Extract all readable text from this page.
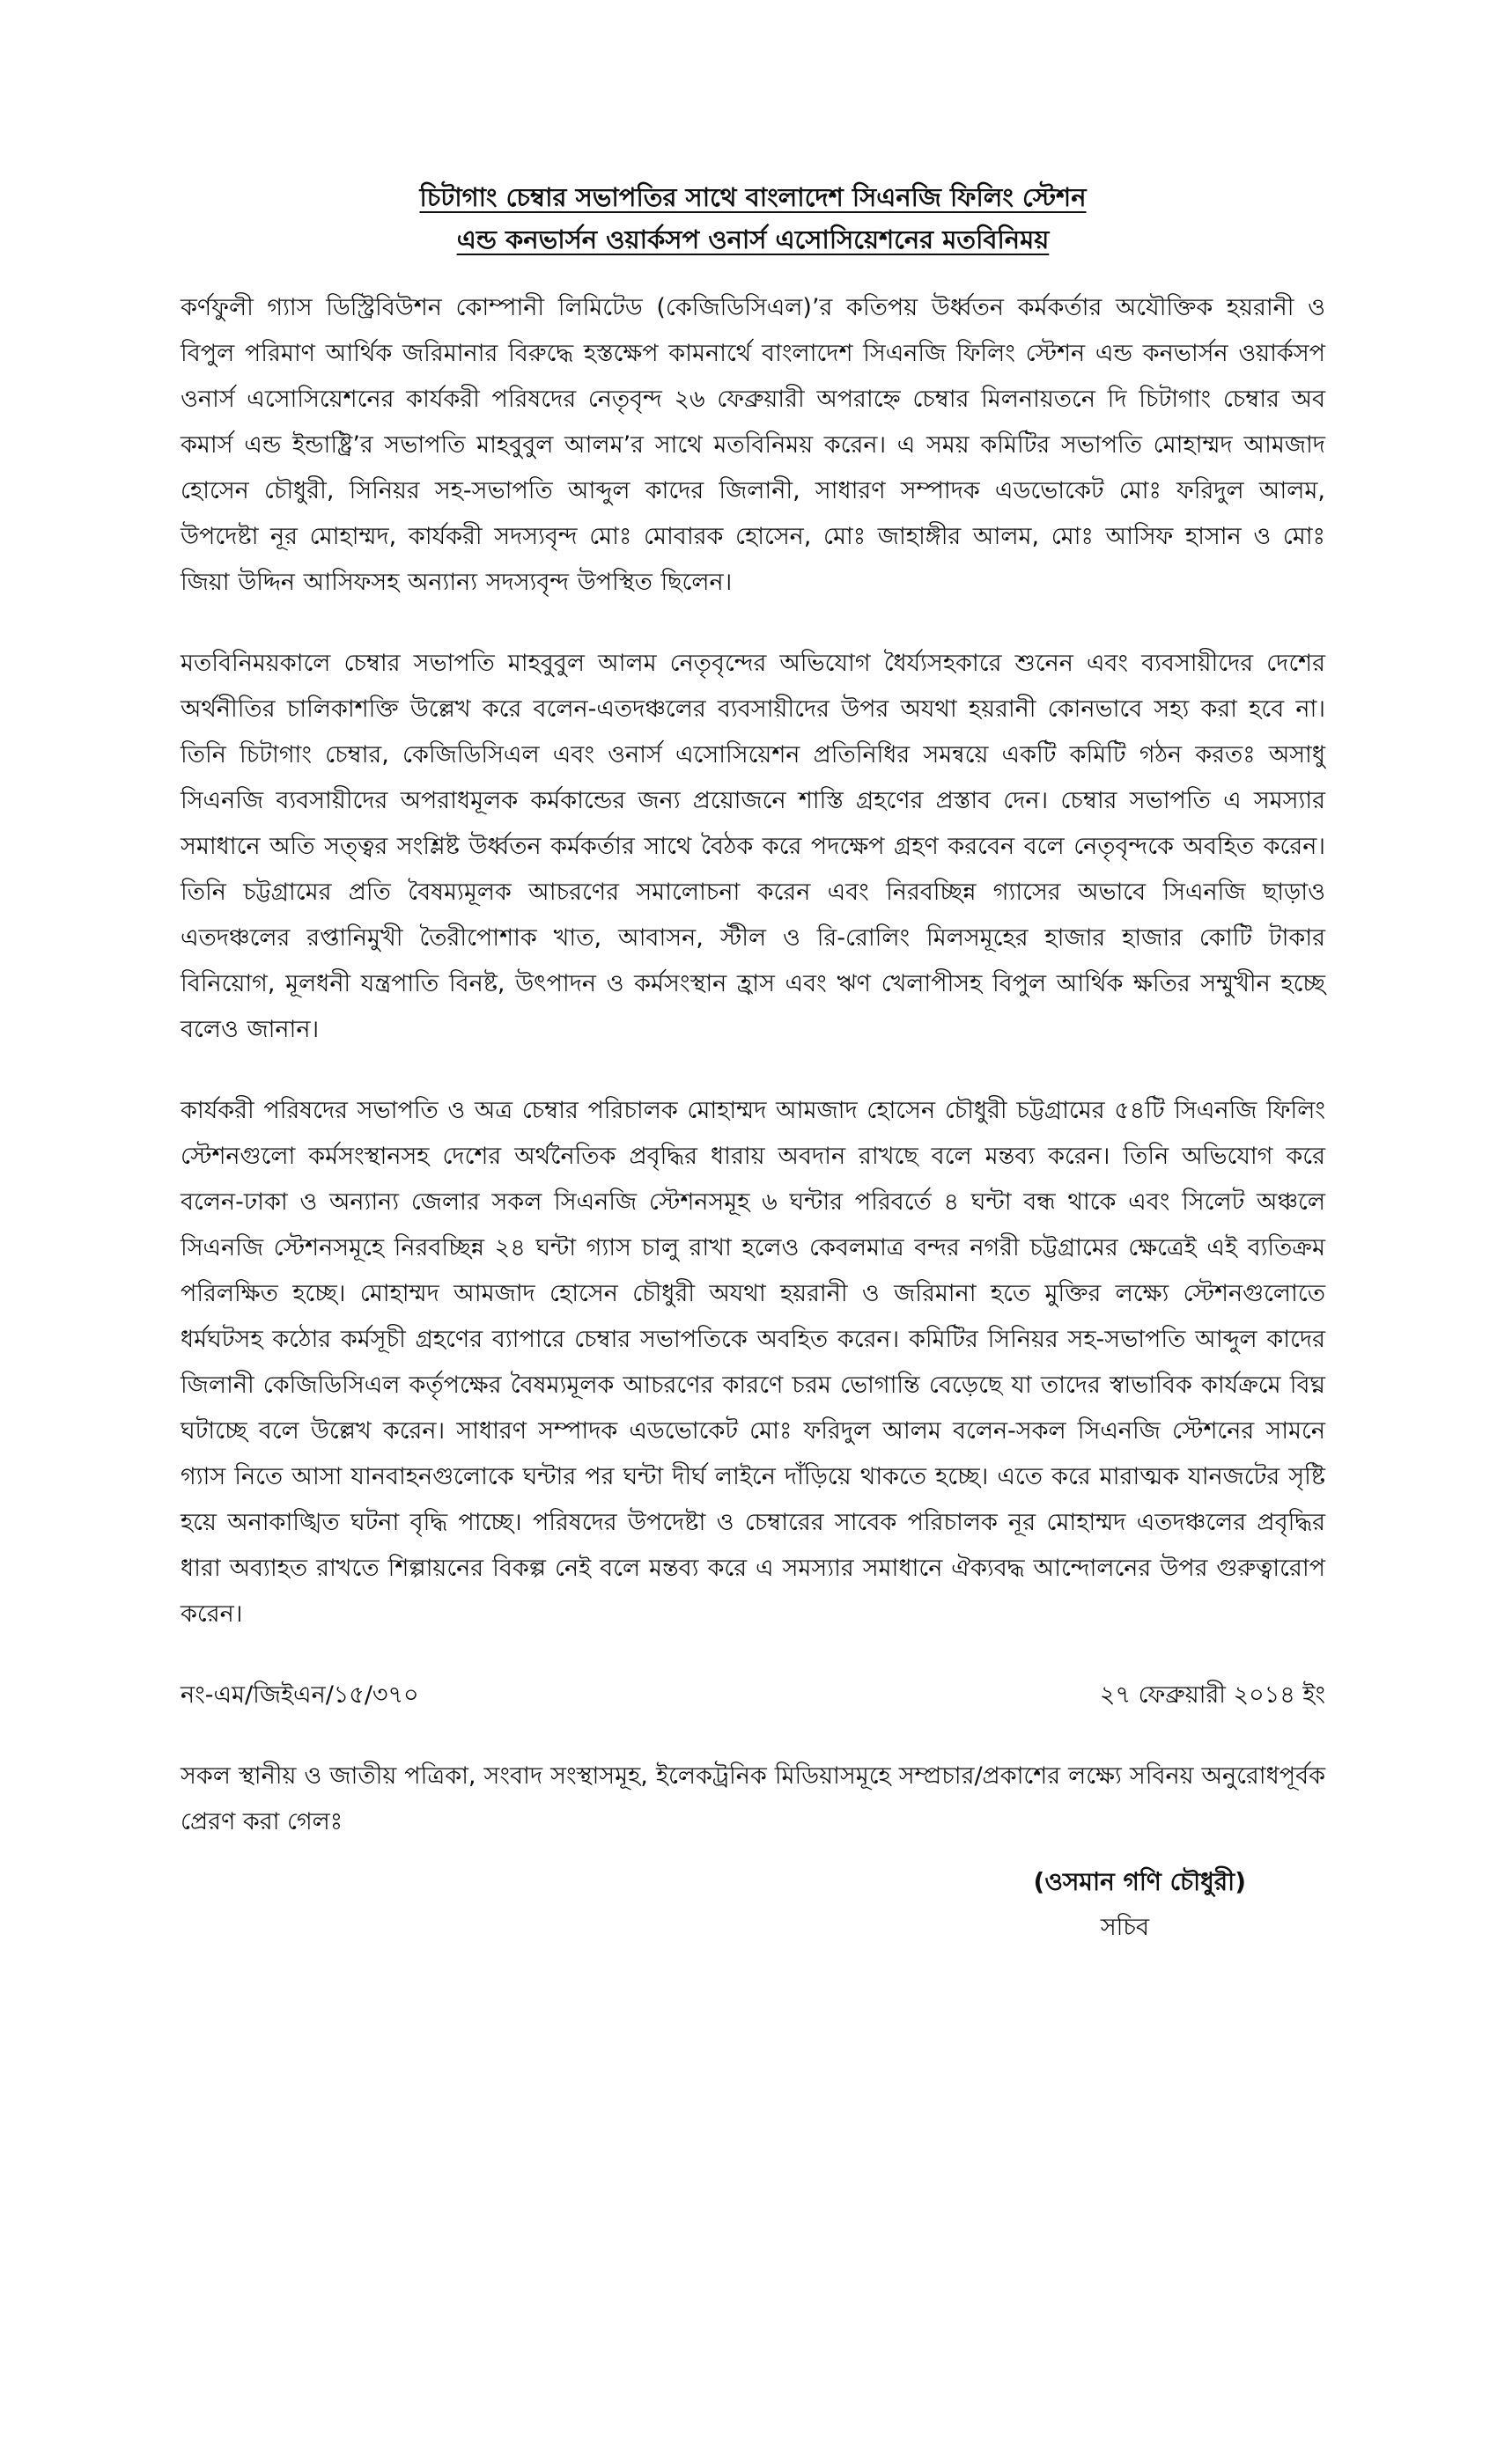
চিটাগাং চেম্বার সভাপতির সাথে বাংলাদেশ সিএনজি ফিলিং স্টেশন
এন্ড কনভার্সন ওয়ার্কসপ ওনার্স এসোসিয়েশনের মতবিনিময়

কর্ণফুলী গ্যাস ডিস্ট্রিবিউশন কোম্পানী লিমিটেড (কেজিডিসিএল)’র কতিপয় উর্ধ্বতন কর্মকর্তার অযৌক্তিক হয়রানী ও বিপুল পরিমাণ আর্থিক জরিমানার বিরুদ্ধে হস্তক্ষেপ কামনার্থে বাংলাদেশ সিএনজি ফিলিং স্টেশন এন্ড কনভার্সন ওয়ার্কসপ ওনার্স এসোসিয়েশনের কার্যকরী পরিষদের নেতৃবৃন্দ ২৬ ফেব্রুয়ারী অপরাহ্নে চেম্বার মিলনায়তনে দি চিটাগাং চেম্বার অব কমার্স এন্ড ইন্ডাষ্ট্রি’র সভাপতি মাহবুবুল আলম’র সাথে মতবিনিময় করেন। এ সময় কমিটির সভাপতি মোহাম্মদ আমজাদ হোসেন চৌধুরী, সিনিয়র সহ-সভাপতি আব্দুল কাদের জিলানী, সাধারণ সম্পাদক এডভোকেট মোঃ ফরিদুল আলম, উপদেষ্টা নূর মোহাম্মদ, কার্যকরী সদস্যবৃন্দ মোঃ মোবারক হোসেন, মোঃ জাহাঙ্গীর আলম, মোঃ আসিফ হাসান ও মোঃ জিয়া উদ্দিন আসিফসহ অন্যান্য সদস্যবৃন্দ উপস্থিত ছিলেন।

মতবিনিময়কালে চেম্বার সভাপতি মাহবুবুল আলম নেতৃবৃন্দের অভিযোগ ধৈর্য্যসহকারে শুনেন এবং ব্যবসায়ীদের দেশের অর্থনীতির চালিকাশক্তি উল্লেখ করে বলেন-এতদঞ্চলের ব্যবসায়ীদের উপর অযথা হয়রানী কোনভাবে সহ্য করা হবে না। তিনি চিটাগাং চেম্বার, কেজিডিসিএল এবং ওনার্স এসোসিয়েশন প্রতিনিধির সমন্বয়ে একটি কমিটি গঠন করতঃ অসাধু সিএনজি ব্যবসায়ীদের অপরাধমূলক কর্মকান্ডের জন্য প্রয়োজনে শাস্তি গ্রহণের প্রস্তাব দেন। চেম্বার সভাপতি এ সমস্যার সমাধানে অতি সত্ত্বর সংশ্লিষ্ট উর্ধ্বতন কর্মকর্তার সাথে বৈঠক করে পদক্ষেপ গ্রহণ করবেন বলে নেতৃবৃন্দকে অবহিত করেন। তিনি চট্টগ্রামের প্রতি বৈষম্যমূলক আচরণের সমালোচনা করেন এবং নিরবচ্ছিন্ন গ্যাসের অভাবে সিএনজি ছাড়াও এতদঞ্চলের রপ্তানিমুখী তৈরীপোশাক খাত, আবাসন, স্টীল ও রি-রোলিং মিলসমূহের হাজার হাজার কোটি টাকার বিনিয়োগ, মূলধনী যন্ত্রপাতি বিনষ্ট, উৎপাদন ও কর্মসংস্থান হ্রাস এবং ঋণ খেলাপীসহ বিপুল আর্থিক ক্ষতির সম্মুখীন হচ্ছে বলেও জানান।

কার্যকরী পরিষদের সভাপতি ও অত্র চেম্বার পরিচালক মোহাম্মদ আমজাদ হোসেন চৌধুরী চট্টগ্রামের ৫৪টি সিএনজি ফিলিং স্টেশনগুলো কর্মসংস্থানসহ দেশের অর্থনৈতিক প্রবৃদ্ধির ধারায় অবদান রাখছে বলে মন্তব্য করেন। তিনি অভিযোগ করে বলেন-ঢাকা ও অন্যান্য জেলার সকল সিএনজি স্টেশনসমূহ ৬ ঘন্টার পরিবর্তে ৪ ঘন্টা বন্ধ থাকে এবং সিলেট অঞ্চলে সিএনজি স্টেশনসমূহে নিরবচ্ছিন্ন ২৪ ঘন্টা গ্যাস চালু রাখা হলেও কেবলমাত্র বন্দর নগরী চট্টগ্রামের ক্ষেত্রেই এই ব্যতিক্রম পরিলক্ষিত হচ্ছে। মোহাম্মদ আমজাদ হোসেন চৌধুরী অযথা হয়রানী ও জরিমানা হতে মুক্তির লক্ষ্যে স্টেশনগুলোতে ধর্মঘটসহ কঠোর কর্মসূচী গ্রহণের ব্যাপারে চেম্বার সভাপতিকে অবহিত করেন। কমিটির সিনিয়র সহ-সভাপতি আব্দুল কাদের জিলানী কেজিডিসিএল কর্তৃপক্ষের বৈষম্যমূলক আচরণের কারণে চরম ভোগান্তি বেড়েছে যা তাদের স্বাভাবিক কার্যক্রমে বিঘ্ন ঘটাচ্ছে বলে উল্লেখ করেন। সাধারণ সম্পাদক এডভোকেট মোঃ ফরিদুল আলম বলেন-সকল সিএনজি স্টেশনের সামনে গ্যাস নিতে আসা যানবাহনগুলোকে ঘন্টার পর ঘন্টা দীর্ঘ লাইনে দাঁড়িয়ে থাকতে হচ্ছে। এতে করে মারাত্মক যানজটের সৃষ্টি হয়ে অনাকাঙ্খিত ঘটনা বৃদ্ধি পাচ্ছে। পরিষদের উপদেষ্টা ও চেম্বারের সাবেক পরিচালক নূর মোহাম্মদ এতদঞ্চলের প্রবৃদ্ধির ধারা অব্যাহত রাখতে শিল্পায়নের বিকল্প নেই বলে মন্তব্য করে এ সমস্যার সমাধানে ঐক্যবদ্ধ আন্দোলনের উপর গুরুত্বারোপ করেন।

নং-এম/জিইএন/১৫/৩৭০	২৭ ফেব্রুয়ারী ২০১৪ ইং

সকল স্থানীয় ও জাতীয় পত্রিকা, সংবাদ সংস্থাসমূহ, ইলেকট্রনিক মিডিয়াসমূহে সম্প্রচার/প্রকাশের লক্ষ্যে সবিনয় অনুরোধপূর্বক প্রেরণ করা গেলঃ

(ওসমান গণি চৌধুরী)
সচিব
